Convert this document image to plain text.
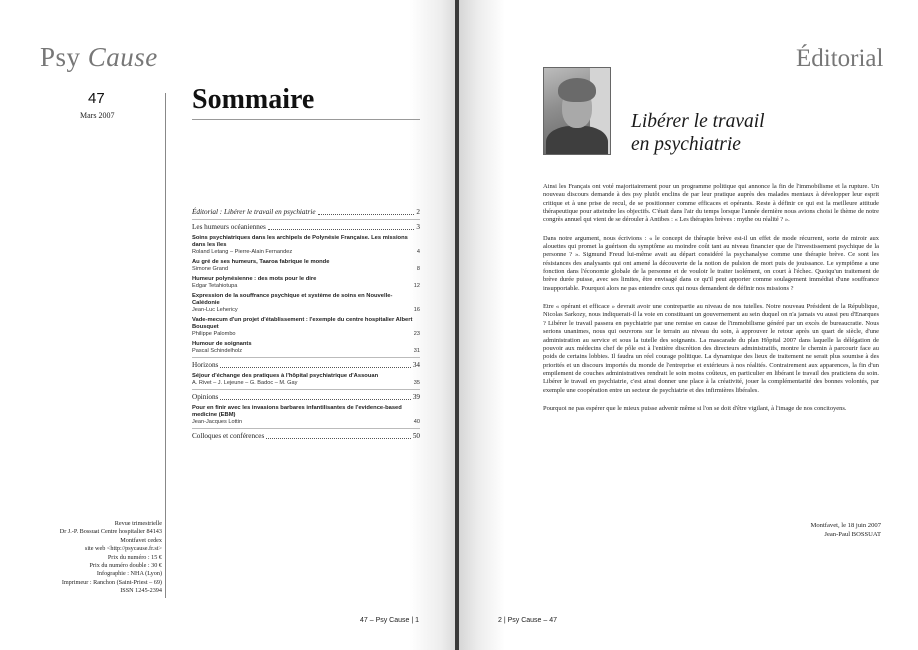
Psy Cause
47
Mars 2007
Sommaire
Éditorial : Libérer le travail en psychiatrie	2
Les humeurs océaniennes	3
Soins psychiatriques dans les archipels de Polynésie Française. Les missions dans les îles
Roland Letang – Pierre-Alain Fernandez	4
Au gré de ses humeurs, Taaroa fabrique le monde
Simone Grand	8
Humeur polynésienne : des mots pour le dire
Edgar Tetahiotupa	12
Expression de la souffrance psychique et système de soins en Nouvelle-Calédonie
Jean-Luc Lehericy	16
Vade-mecum d'un projet d'établissement : l'exemple du centre hospitalier Albert Bousquet
Philippe Palombo	23
Humour de soignants
Pascal Schindelholz	31
Horizons	34
Séjour d'échange des pratiques à l'hôpital psychiatrique d'Assouan
A. Rivet – J. Lejeune – G. Badoc – M. Gay	35
Opinions	39
Pour en finir avec les invasions barbares infantilisantes de l'evidence-based medicine (EBM)
Jean-Jacques Lottin	40
Colloques et conférences	50
Revue trimestrielle
Dr J.-P. Bossuat Centre hospitalier 84143
Montfavet cedex
site web <http://psycause.fr.st>
Prix du numéro : 15 €
Prix du numéro double : 30 €
Infographie : NHA (Lyon)
Imprimeur : Ranchon (Saint-Priest – 69)
ISSN 1245-2394
47 – Psy Cause | 1
Éditorial
Libérer le travail
en psychiatrie

Ainsi les Français ont voté majoritairement pour un programme politique qui annonce la fin de l'immobilisme et la rupture. Un nouveau discours demande à des psy plutôt enclins de par leur pratique auprès des malades mentaux à développer leur esprit critique et à une prise de recul, de se positionner comme efficaces et opérants. Reste à définir ce qui est la meilleure attitude thérapeutique pour atteindre les objectifs. C'était dans l'air du temps lorsque l'année dernière nous avions choisi le thème de notre congrès annuel qui vient de se dérouler à Antibes : « Les thérapies brèves : mythe ou réalité ? ».

Dans notre argument, nous écrivions : « le concept de thérapie brève est-il un effet de mode récurrent, sorte de miroir aux alouettes qui promet la guérison du symptôme au moindre coût tant au niveau financier que de l'investissement psychique de la personne ? ». Sigmund Freud lui-même avait au départ considéré la psychanalyse comme une thérapie brève. Ce sont les résistances des analysants qui ont amené la découverte de la notion de pulsion de mort puis de jouissance. Le symptôme a une fonction dans l'économie globale de la personne et de vouloir le traiter isolément, on court à l'échec. Quoiqu'un traitement de brève durée puisse, avec ses limites, être envisagé dans ce qu'il peut apporter comme soulagement immédiat d'une souffrance insupportable. Pourquoi alors ne pas entendre ceux qui nous demandent de définir nos missions ?

Etre « opérant et efficace » devrait avoir une contrepartie au niveau de nos tutelles. Notre nouveau Président de la République, Nicolas Sarkozy, nous indiquerait-il la voie en constituant un gouvernement au sein duquel on n'a jamais vu aussi peu d'Enarques ? Libérer le travail passera en psychiatrie par une remise en cause de l'immobilisme généré par un excès de bureaucratie. Nous serions unanimes, nous qui oeuvrons sur le terrain au niveau du soin, à approuver le retour après un quart de siècle, d'une administration au service et sous la tutelle des soignants. La mascarade du plan Hôpital 2007 dans laquelle la délégation de pouvoir aux médecins chef de pôle est à l'entière discrétion des directeurs administratifs, montre le chemin à parcourir face au poids de certains lobbies. Il faudra un réel courage politique. La dynamique des lieux de traitement ne serait plus soumise à des priorités et un discours importés du monde de l'entreprise et extérieurs à nos réalités. Contrairement aux apparences, la fin d'un empilement de couches administratives rendrait le soin moins coûteux, en particulier en libérant le travail des praticiens du soin. Libérer le travail en psychiatrie, c'est ainsi donner une place à la créativité, jouer la complémentarité des bonnes volontés, par exemple une coopération entre un secteur de psychiatrie et des infirmières libérales.

Pourquoi ne pas espérer que le mieux puisse advenir même si l'on se doit d'être vigilant, à l'image de nos concitoyens.

Montfavet, le 18 juin 2007
Jean-Paul BOSSUAT
2 | Psy Cause – 47
